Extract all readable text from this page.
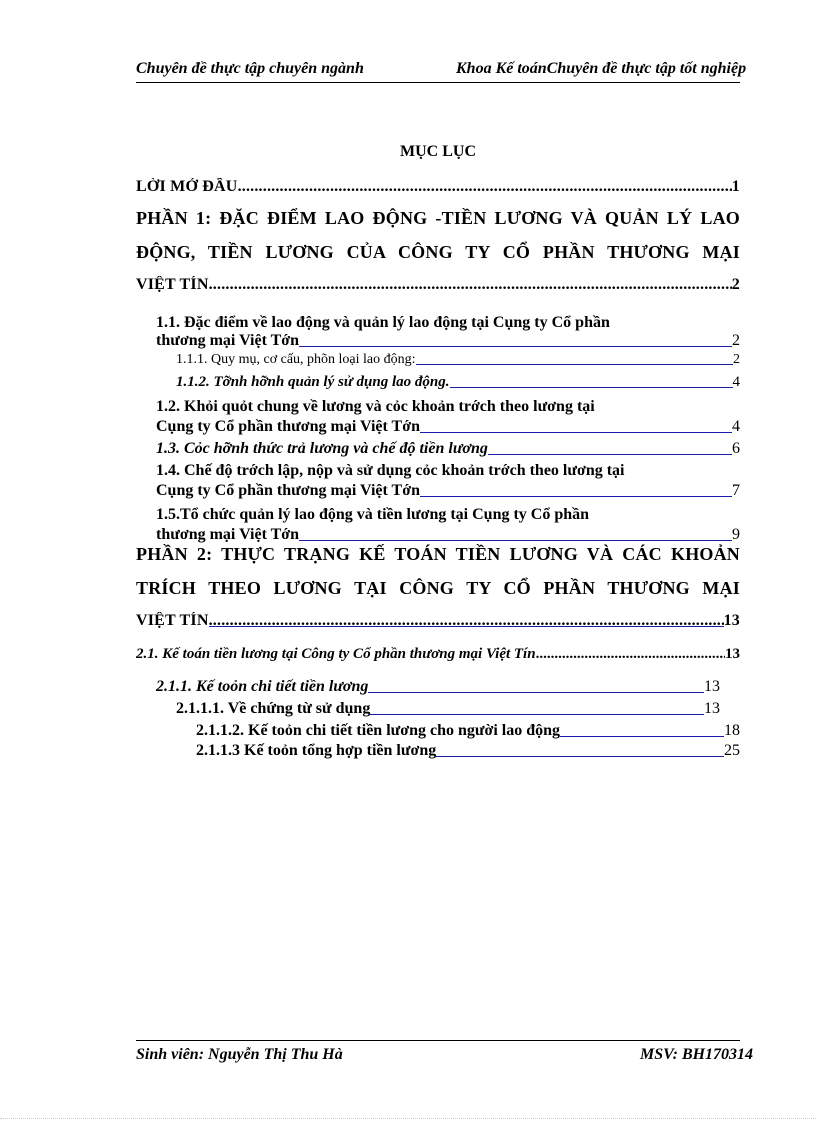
Chuyên đề thực tập chuyên ngành	Khoa Kế toánChuyên đề thực tập tốt nghiệp
MỤC LỤC
LỜI MỞ ĐẦU .....	1
PHẦN 1: ĐẶC ĐIỂM LAO ĐỘNG -TIỀN LƯƠNG VÀ QUẢN LÝ LAO
ĐỘNG, TIỀN LƯƠNG CỦA CÔNG TY CỔ PHẦN THƯƠNG MẠI
VIỆT TÍN .....	2
1.1. Đặc điểm về lao động và quản lý lao động tại Cụng ty Cổ phần
thương mại Việt Tớn	2
1.1.1. Quy mụ, cơ cấu, phõn loại lao động:	2
1.1.2. Tỡnh hỡnh quản lý sử dụng lao động.	4
1.2. Khỏi quỏt chung về lương và cỏc khoản trớch theo lương tại
Cụng ty Cổ phần thương mại Việt Tớn	4
1.3. Cỏc hỡnh thức trả lương và chế độ tiền lương	6
1.4. Chế độ trớch lập, nộp và sử dụng cỏc khoản trớch theo lương tại
Cụng ty Cổ phần thương mại Việt Tớn	7
1.5.Tổ chức quản lý lao động và tiền lương tại Cụng ty Cổ phần
thương mại Việt Tớn	9
PHẦN 2: THỰC TRẠNG KẾ TOÁN TIỀN LƯƠNG VÀ CÁC KHOẢN
TRÍCH THEO LƯƠNG TẠI CÔNG TY CỔ PHẦN THƯƠNG MẠI
VIỆT TÍN .....	13
2.1. Kế toán tiền lương tại Công ty Cổ phần thương mại Việt Tín .....	13
2.1.1. Kế toỏn chi tiết tiền lương	13
2.1.1.1. Về chứng từ sử dụng	13
2.1.1.2. Kế toỏn chi tiết tiền lương cho người lao động	18
2.1.1.3 Kế toỏn tổng hợp tiền lương	25
Sinh viên: Nguyễn Thị Thu Hà	MSV: BH170314
